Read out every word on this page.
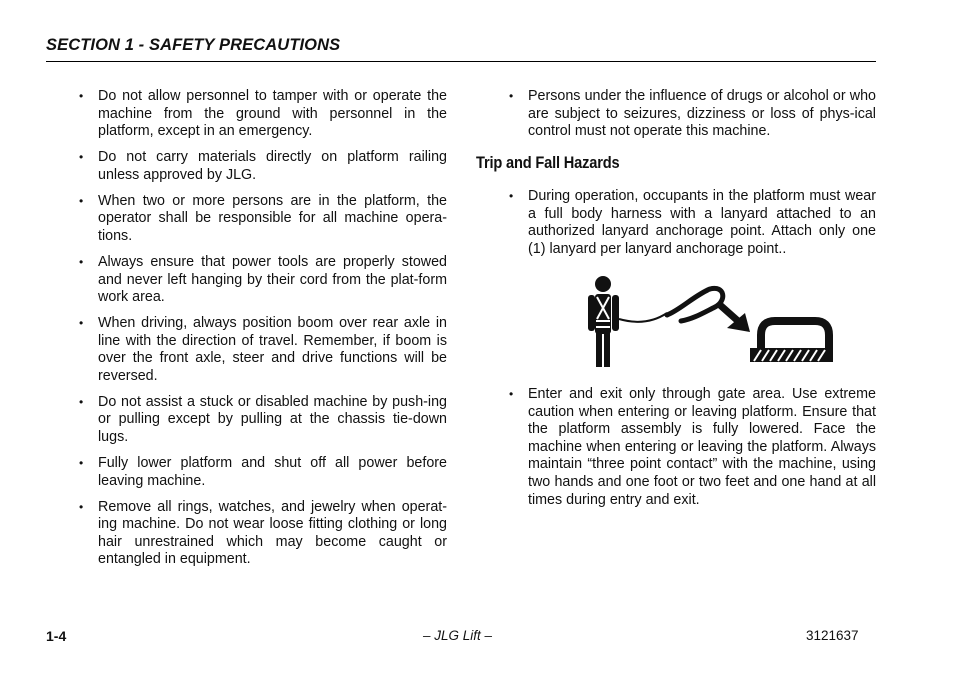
SECTION 1 - SAFETY PRECAUTIONS
• Do not allow personnel to tamper with or operate the machine from the ground with personnel in the platform, except in an emergency.
• Do not carry materials directly on platform railing unless approved by JLG.
• When two or more persons are in the platform, the operator shall be responsible for all machine opera-tions.
• Always ensure that power tools are properly stowed and never left hanging by their cord from the plat-form work area.
• When driving, always position boom over rear axle in line with the direction of travel. Remember, if boom is over the front axle, steer and drive functions will be reversed.
• Do not assist a stuck or disabled machine by push-ing or pulling except by pulling at the chassis tie-down lugs.
• Fully lower platform and shut off all power before leaving machine.
• Remove all rings, watches, and jewelry when operat-ing machine. Do not wear loose fitting clothing or long hair unrestrained which may become caught or entangled in equipment.
• Persons under the influence of drugs or alcohol or who are subject to seizures, dizziness or loss of phys-ical control must not operate this machine.
Trip and Fall Hazards
• During operation, occupants in the platform must wear a full body harness with a lanyard attached to an authorized lanyard anchorage point. Attach only one (1) lanyard per lanyard anchorage point..
• Enter and exit only through gate area. Use extreme caution when entering or leaving platform. Ensure that the platform assembly is fully lowered. Face the machine when entering or leaving the platform. Always maintain “three point contact” with the machine, using two hands and one foot or two feet and one hand at all times during entry and exit.
1-4	– JLG Lift –	3121637
